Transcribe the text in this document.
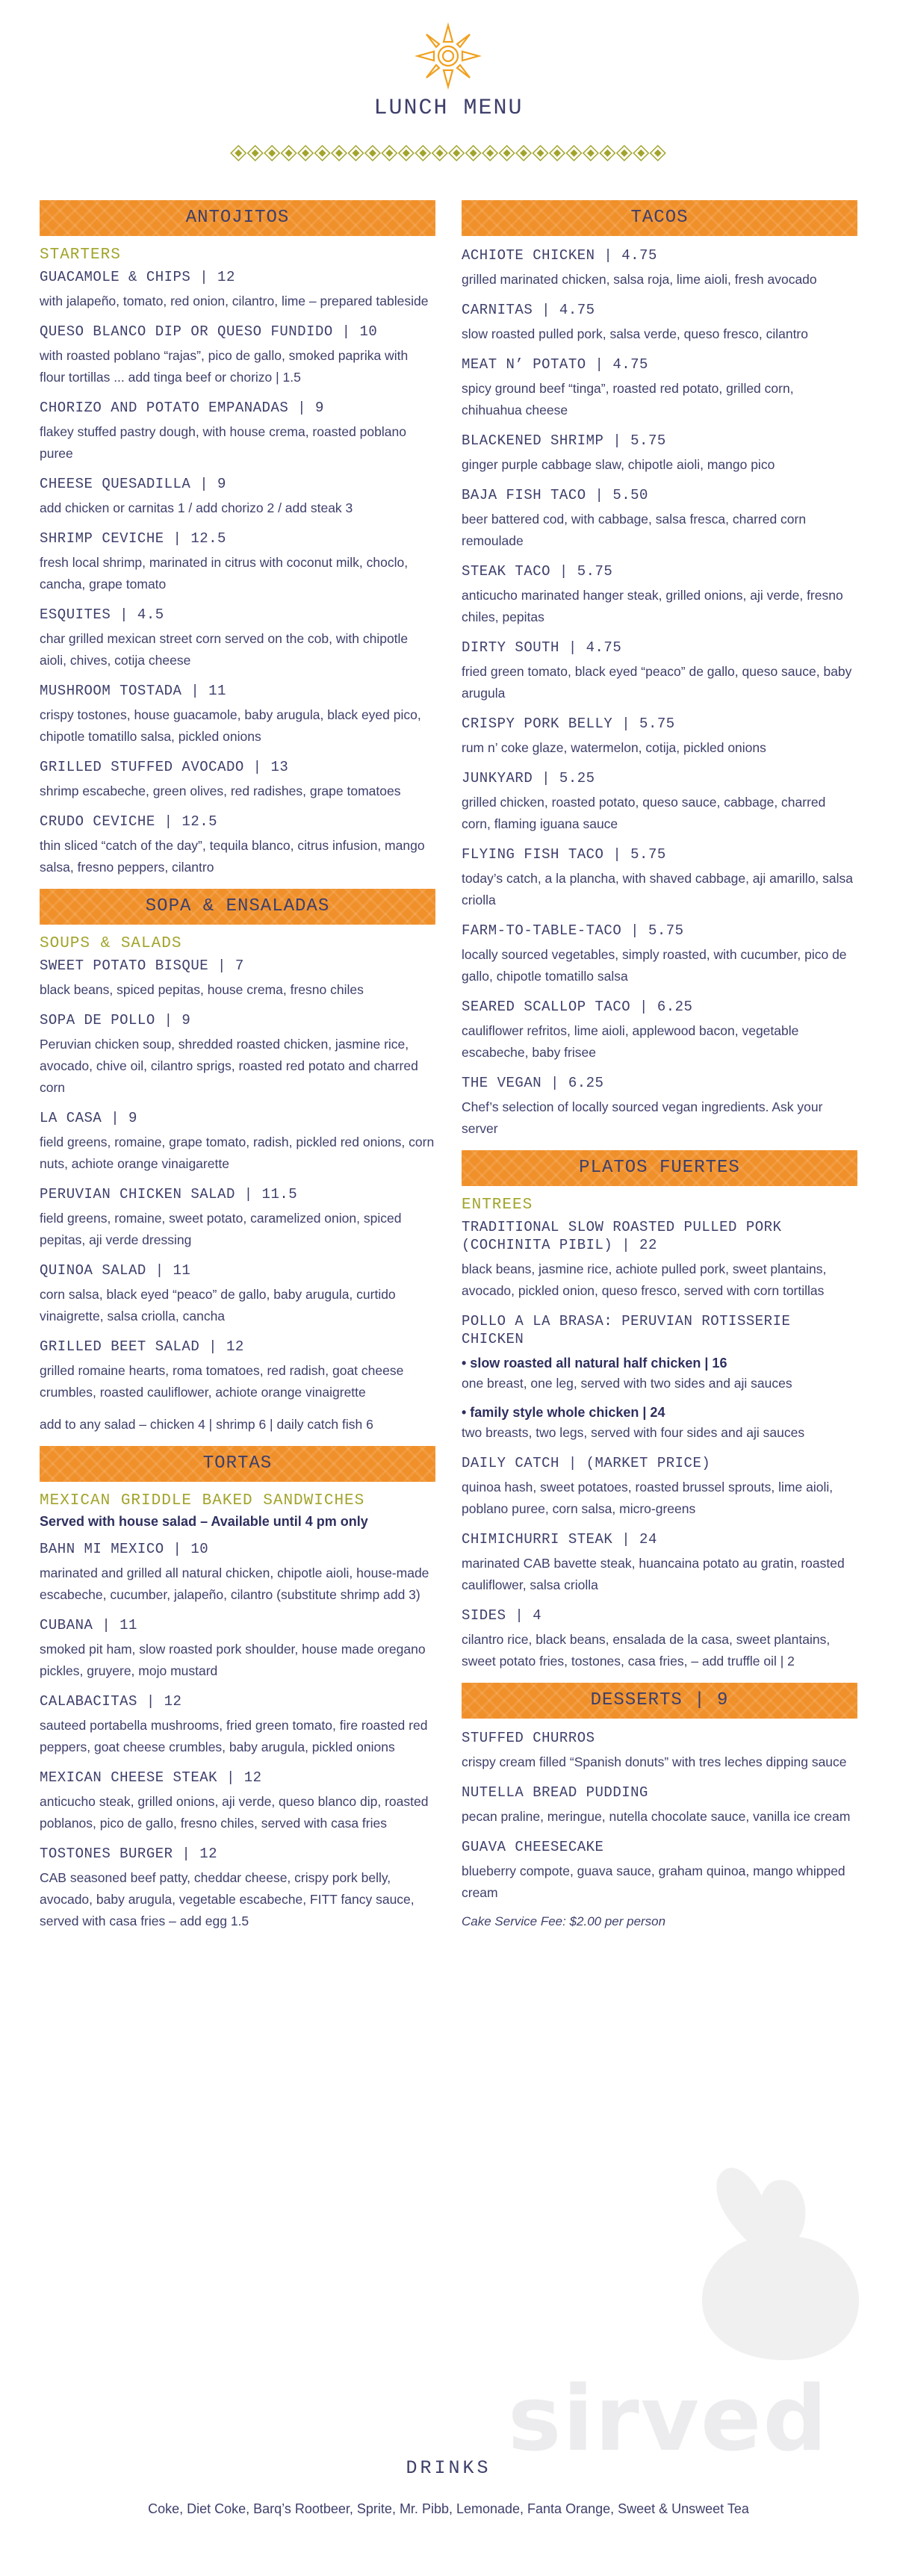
LUNCH MENU
ANTOJITOS
STARTERS
GUACAMOLE & CHIPS | 12
with jalapeño, tomato, red onion, cilantro, lime – prepared tableside
QUESO BLANCO DIP OR QUESO FUNDIDO | 10
with roasted poblano “rajas”, pico de gallo, smoked paprika with flour tortillas ... add tinga beef or chorizo | 1.5
CHORIZO AND POTATO EMPANADAS | 9
flakey stuffed pastry dough, with house crema, roasted poblano puree
CHEESE QUESADILLA | 9
add chicken or carnitas 1 / add chorizo 2 / add steak 3
SHRIMP CEVICHE | 12.5
fresh local shrimp, marinated in citrus with coconut milk, choclo, cancha, grape tomato
ESQUITES | 4.5
char grilled mexican street corn served on the cob, with chipotle aioli, chives, cotija cheese
MUSHROOM TOSTADA | 11
crispy tostones, house guacamole, baby arugula, black eyed pico, chipotle tomatillo salsa, pickled onions
GRILLED STUFFED AVOCADO | 13
shrimp escabeche, green olives, red radishes, grape tomatoes
CRUDO CEVICHE | 12.5
thin sliced “catch of the day”, tequila blanco, citrus infusion, mango salsa, fresno peppers, cilantro
SOPA & ENSALADAS
SOUPS & SALADS
SWEET POTATO BISQUE | 7
black beans, spiced pepitas, house crema, fresno chiles
SOPA DE POLLO | 9
Peruvian chicken soup, shredded roasted chicken, jasmine rice, avocado, chive oil, cilantro sprigs, roasted red potato and charred corn
LA CASA | 9
field greens, romaine, grape tomato, radish, pickled red onions, corn nuts, achiote orange vinaigarette
PERUVIAN CHICKEN SALAD | 11.5
field greens, romaine, sweet potato, caramelized onion, spiced pepitas, aji verde dressing
QUINOA SALAD | 11
corn salsa, black eyed “peaco” de gallo, baby arugula, curtido vinaigrette, salsa criolla, cancha
GRILLED BEET SALAD | 12
grilled romaine hearts, roma tomatoes, red radish, goat cheese crumbles, roasted cauliflower, achiote orange vinaigrette
add to any salad – chicken 4 | shrimp 6 | daily catch fish 6
TORTAS
MEXICAN GRIDDLE BAKED SANDWICHES
Served with house salad – Available until 4 pm only
BAHN MI MEXICO | 10
marinated and grilled all natural chicken, chipotle aioli, house-made escabeche, cucumber, jalapeño, cilantro (substitute shrimp add 3)
CUBANA | 11
smoked pit ham, slow roasted pork shoulder, house made oregano pickles, gruyere, mojo mustard
CALABACITAS | 12
sauteed portabella mushrooms, fried green tomato, fire roasted red peppers, goat cheese crumbles, baby arugula, pickled onions
MEXICAN CHEESE STEAK | 12
anticucho steak, grilled onions, aji verde, queso blanco dip, roasted poblanos, pico de gallo, fresno chiles, served with casa fries
TOSTONES BURGER | 12
CAB seasoned beef patty, cheddar cheese, crispy pork belly, avocado, baby arugula, vegetable escabeche, FITT fancy sauce, served with casa fries – add egg 1.5
TACOS
ACHIOTE CHICKEN | 4.75
grilled marinated chicken, salsa roja, lime aioli, fresh avocado
CARNITAS | 4.75
slow roasted pulled pork, salsa verde, queso fresco, cilantro
MEAT N’ POTATO | 4.75
spicy ground beef “tinga”, roasted red potato, grilled corn, chihuahua cheese
BLACKENED SHRIMP | 5.75
ginger purple cabbage slaw, chipotle aioli, mango pico
BAJA FISH TACO | 5.50
beer battered cod, with cabbage, salsa fresca, charred corn remoulade
STEAK TACO | 5.75
anticucho marinated hanger steak, grilled onions, aji verde, fresno chiles, pepitas
DIRTY SOUTH | 4.75
fried green tomato, black eyed “peaco” de gallo, queso sauce, baby arugula
CRISPY PORK BELLY | 5.75
rum n’ coke glaze, watermelon, cotija, pickled onions
JUNKYARD | 5.25
grilled chicken, roasted potato, queso sauce, cabbage, charred corn, flaming iguana sauce
FLYING FISH TACO | 5.75
today’s catch, a la plancha, with shaved cabbage, aji amarillo, salsa criolla
FARM-TO-TABLE-TACO | 5.75
locally sourced vegetables, simply roasted, with cucumber, pico de gallo, chipotle tomatillo salsa
SEARED SCALLOP TACO | 6.25
cauliflower refritos, lime aioli, applewood bacon, vegetable escabeche, baby frisee
THE VEGAN | 6.25
Chef’s selection of locally sourced vegan ingredients. Ask your server
PLATOS FUERTES
ENTREES
TRADITIONAL SLOW ROASTED PULLED PORK (COCHINITA PIBIL) | 22
black beans, jasmine rice, achiote pulled pork, sweet plantains, avocado, pickled onion, queso fresco, served with corn tortillas
POLLO A LA BRASA: PERUVIAN ROTISSERIE CHICKEN
• slow roasted all natural half chicken | 16
one breast, one leg, served with two sides and aji sauces
• family style whole chicken | 24
two breasts, two legs, served with four sides and aji sauces
DAILY CATCH | (MARKET PRICE)
quinoa hash, sweet potatoes, roasted brussel sprouts, lime aioli, poblano puree, corn salsa, micro-greens
CHIMICHURRI STEAK | 24
marinated CAB bavette steak, huancaina potato au gratin, roasted cauliflower, salsa criolla
SIDES | 4
cilantro rice, black beans, ensalada de la casa, sweet plantains, sweet potato fries, tostones, casa fries, – add truffle oil | 2
DESSERTS | 9
STUFFED CHURROS
crispy cream filled “Spanish donuts” with tres leches dipping sauce
NUTELLA BREAD PUDDING
pecan praline, meringue, nutella chocolate sauce, vanilla ice cream
GUAVA CHEESECAKE
blueberry compote, guava sauce, graham quinoa, mango whipped cream
Cake Service Fee: $2.00 per person
sirved
DRINKS
Coke, Diet Coke, Barq’s Rootbeer, Sprite, Mr. Pibb, Lemonade, Fanta Orange, Sweet & Unsweet Tea
